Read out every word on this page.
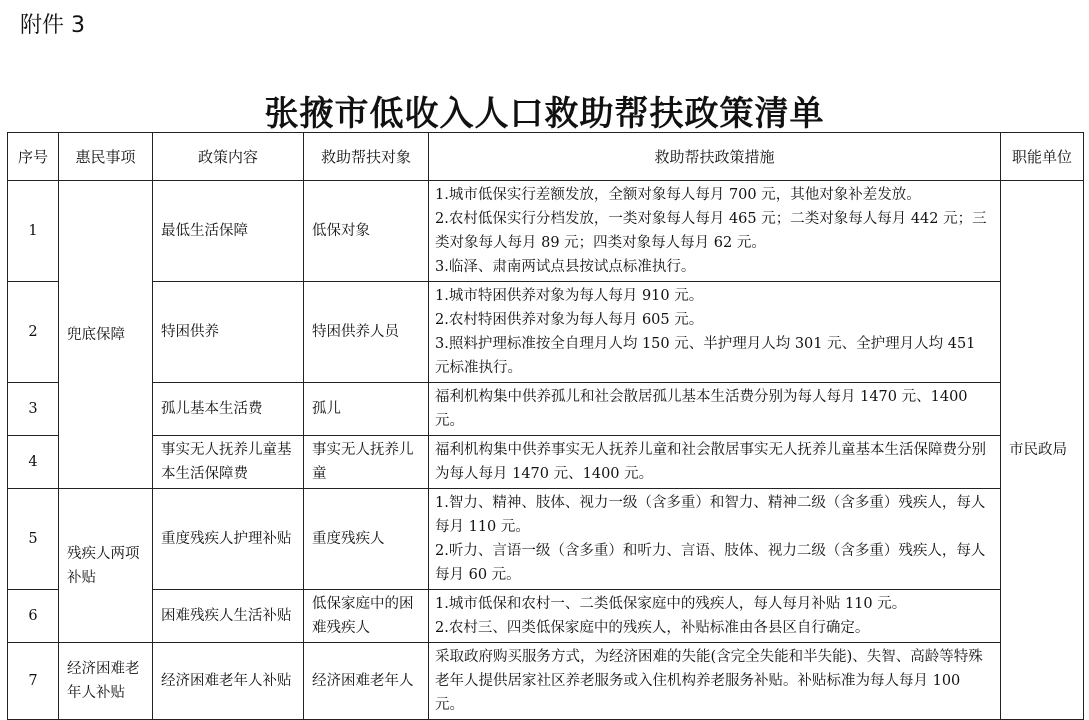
附件 3
张掖市低收入人口救助帮扶政策清单
序号	惠民事项	政策内容	救助帮扶对象	救助帮扶政策措施	职能单位
1	兜底保障	最低生活保障	低保对象	1.城市低保实行差额发放，全额对象每人每月 700 元，其他对象补差发放。
2.农村低保实行分档发放，一类对象每人每月 465 元；二类对象每人每月 442 元；三类对象每人每月 89 元；四类对象每人每月 62 元。
3.临泽、肃南两试点县按试点标准执行。	市民政局
2		特困供养	特困供养人员	1.城市特困供养对象为每人每月 910 元。
2.农村特困供养对象为每人每月 605 元。
3.照料护理标准按全自理月人均 150 元、半护理月人均 301 元、全护理月人均 451 元标准执行。	

3		孤儿基本生活费	孤儿	福利机构集中供养孤儿和社会散居孤儿基本生活费分别为每人每月 1470 元、1400 元。	

4		事实无人抚养儿童基本生活保障费	事实无人抚养儿童	福利机构集中供养事实无人抚养儿童和社会散居事实无人抚养儿童基本生活保障费分别为每人每月 1470 元、1400 元。	

5	残疾人两项补贴	重度残疾人护理补贴	重度残疾人	1.智力、精神、肢体、视力一级（含多重）和智力、精神二级（含多重）残疾人，每人每月 110 元。
2.听力、言语一级（含多重）和听力、言语、肢体、视力二级（含多重）残疾人，每人每月 60 元。	

6		困难残疾人生活补贴	低保家庭中的困难残疾人	1.城市低保和农村一、二类低保家庭中的残疾人，每人每月补贴 110 元。
2.农村三、四类低保家庭中的残疾人，补贴标准由各县区自行确定。	

7	经济困难老年人补贴	经济困难老年人补贴	经济困难老年人	采取政府购买服务方式，为经济困难的失能(含完全失能和半失能)、失智、高龄等特殊老年人提供居家社区养老服务或入住机构养老服务补贴。补贴标准为每人每月 100 元。	
